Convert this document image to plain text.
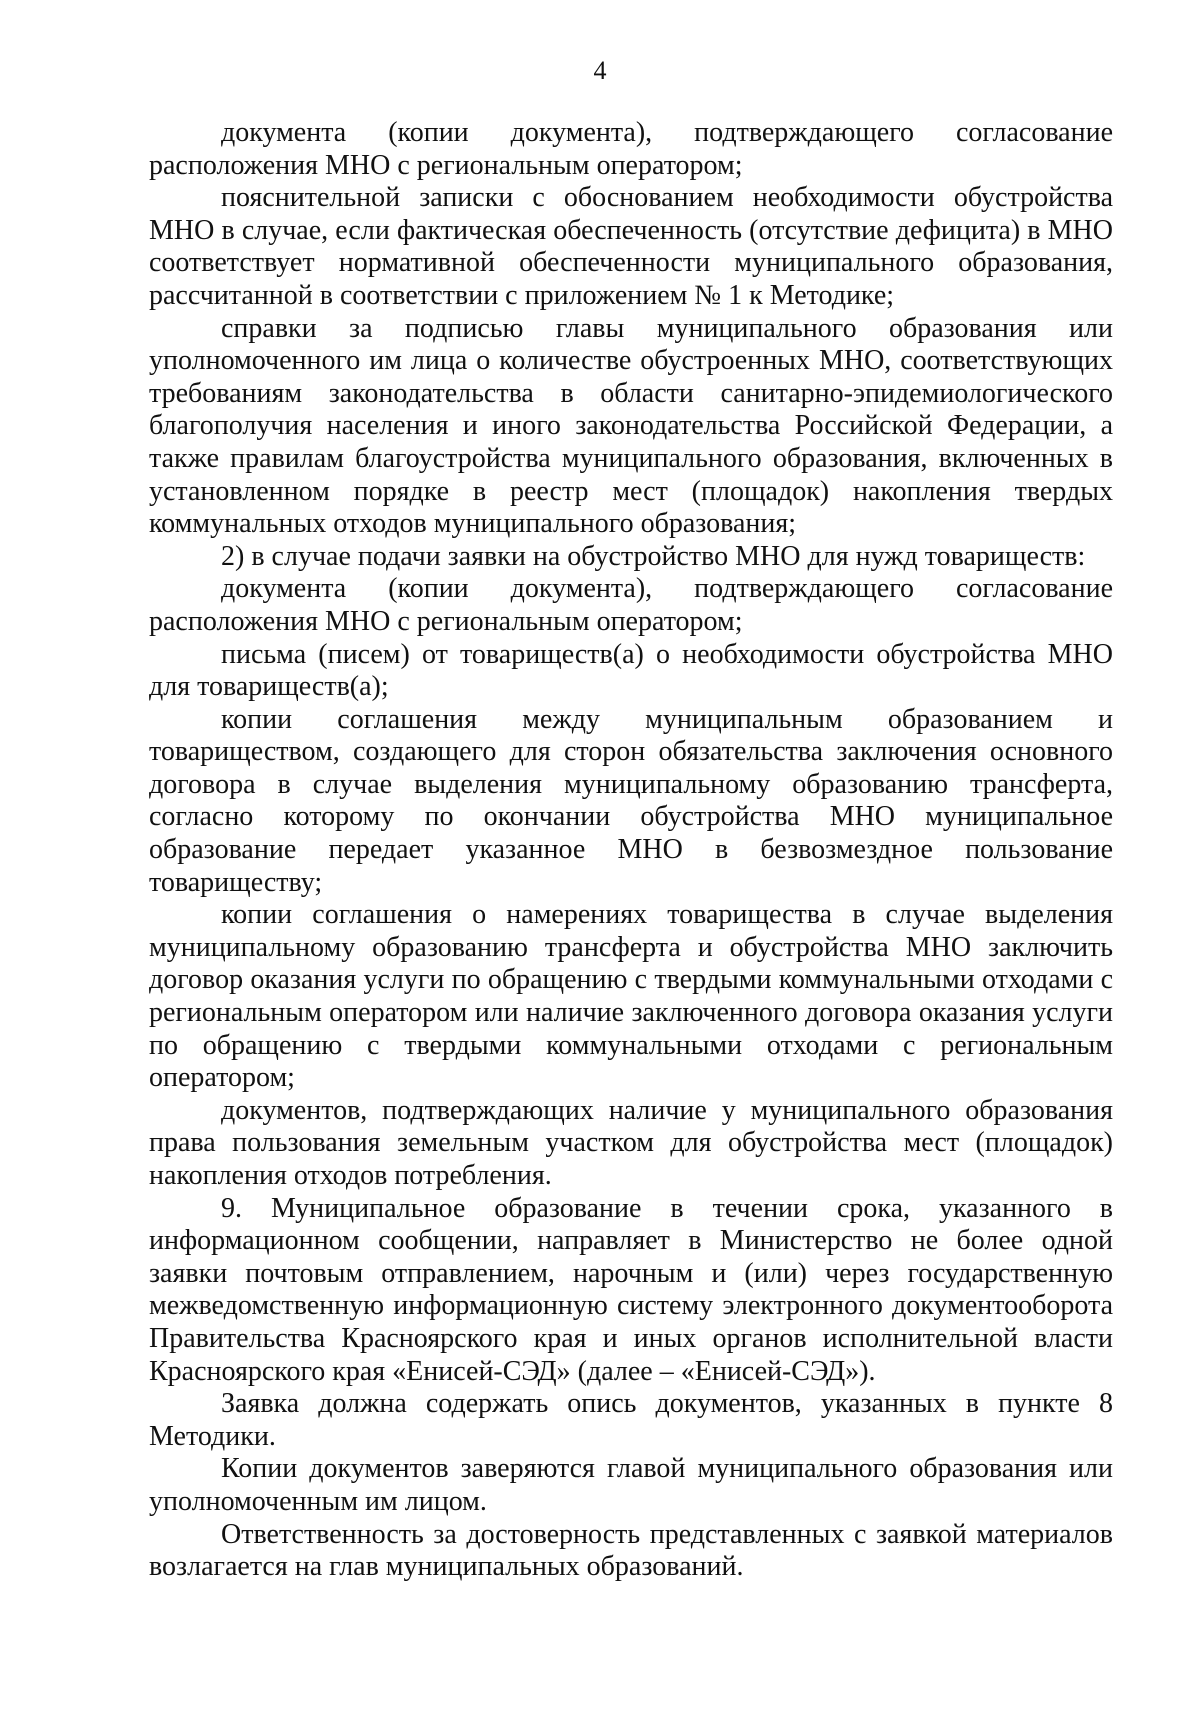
4

документа (копии документа), подтверждающего согласование расположения МНО с региональным оператором;

пояснительной записки с обоснованием необходимости обустройства МНО в случае, если фактическая обеспеченность (отсутствие дефицита) в МНО соответствует нормативной обеспеченности муниципального образования, рассчитанной в соответствии с приложением № 1 к Методике;

справки за подписью главы муниципального образования или уполномоченного им лица о количестве обустроенных МНО, соответствующих требованиям законодательства в области санитарно-эпидемиологического благополучия населения и иного законодательства Российской Федерации, а также правилам благоустройства муниципального образования, включенных в установленном порядке в реестр мест (площадок) накопления твердых коммунальных отходов муниципального образования;

2) в случае подачи заявки на обустройство МНО для нужд товариществ:

документа (копии документа), подтверждающего согласование расположения МНО с региональным оператором;

письма (писем) от товариществ(а) о необходимости обустройства МНО для товариществ(а);

копии соглашения между муниципальным образованием и товариществом, создающего для сторон обязательства заключения основного договора в случае выделения муниципальному образованию трансферта, согласно которому по окончании обустройства МНО муниципальное образование передает указанное МНО в безвозмездное пользование товариществу;

копии соглашения о намерениях товарищества в случае выделения муниципальному образованию трансферта и обустройства МНО заключить договор оказания услуги по обращению с твердыми коммунальными отходами с региональным оператором или наличие заключенного договора оказания услуги по обращению с твердыми коммунальными отходами с региональным оператором;

документов, подтверждающих наличие у муниципального образования права пользования земельным участком для обустройства мест (площадок) накопления отходов потребления.

9. Муниципальное образование в течении срока, указанного в информационном сообщении, направляет в Министерство не более одной заявки почтовым отправлением, нарочным и (или) через государственную межведомственную информационную систему электронного документооборота Правительства Красноярского края и иных органов исполнительной власти Красноярского края «Енисей-СЭД» (далее – «Енисей-СЭД»).

Заявка должна содержать опись документов, указанных в пункте 8 Методики.

Копии документов заверяются главой муниципального образования или уполномоченным им лицом.

Ответственность за достоверность представленных с заявкой материалов возлагается на глав муниципальных образований.
